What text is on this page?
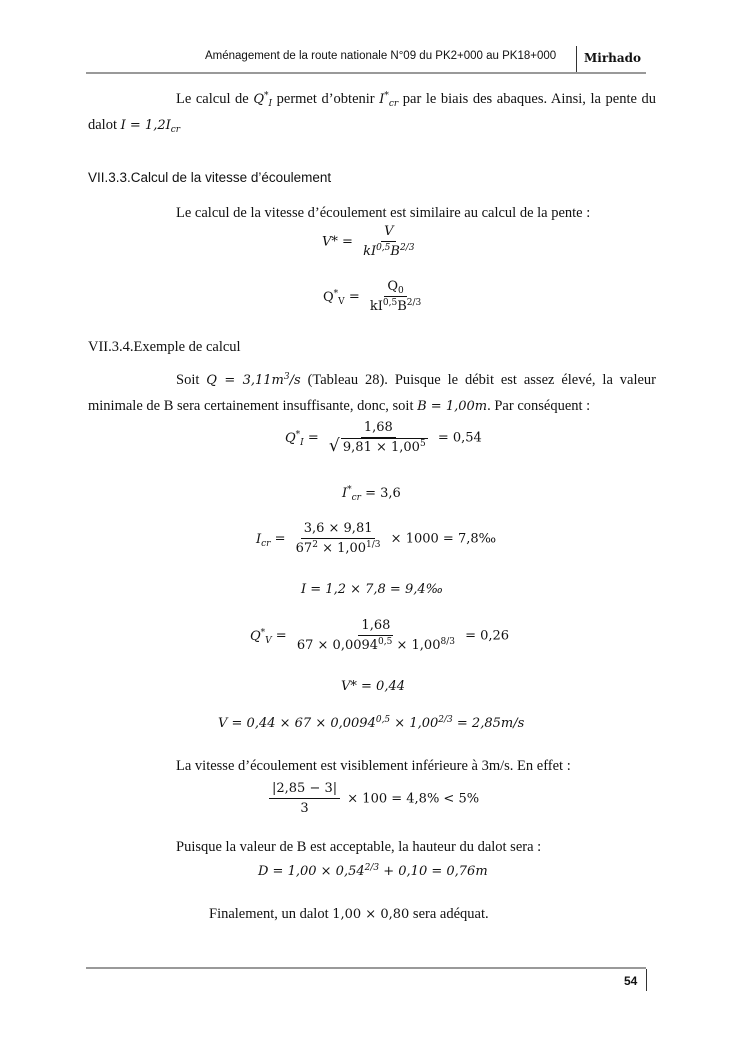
Aménagement de la route nationale N°09 du PK2+000 au PK18+000 Mirhado
Le calcul de $Q^*_I$ permet d’obtenir $I^*_{cr}$ par le biais des abaques. Ainsi, la pente du
dalot $I = 1,2I_{cr}$
VII.3.3.Calcul de la vitesse d’écoulement
Le calcul de la vitesse d’écoulement est similaire au calcul de la pente :
$V* = \frac{V}{kI^{0,5}B^{2/3}}$
$Q^*_V = \frac{Q_0}{kI^{0,5}B^{2/3}}$
VII.3.4.Exemple de calcul
Soit $Q = 3,11m^3/s$ (Tableau 28). Puisque le débit est assez élevé, la valeur
minimale de B sera certainement insuffisante, donc, soit B = 1,00m. Par conséquent :
$Q^*_I = \frac{1,68}{√ 9,81 \times 1,00^5} = 0,54$
$I^*_{cr} = 3,6$
$I_{cr} = \frac{3,6 \times 9,81}{67^2 \times 1,00^{1/3}} \times 1000$ = 7,8‰
I = 1,2 × 7,8 = 9,4‰
$Q^*_V = \frac{1,68}{67 \times 0,0094^{0,5} \times 1,00^{8/3}} = 0,26$
V* = 0,44
$V = 0,44 \times 67 \times 0,0094^{0,5} \times 1,00^{2/3} = 2,85m/s$
La vitesse d’écoulement est visiblement inférieure à 3m/s. En effet :
$\frac{|2,85 - 3|}{3} \times 100 = 4,8\% < 5\%$
Puisque la valeur de B est acceptable, la hauteur du dalot sera :
$D = 1,00 \times 0,54^{2/3} + 0,10 = 0,76m$
Finalement, un dalot 1,00 × 0,80 sera adéquat.
54
